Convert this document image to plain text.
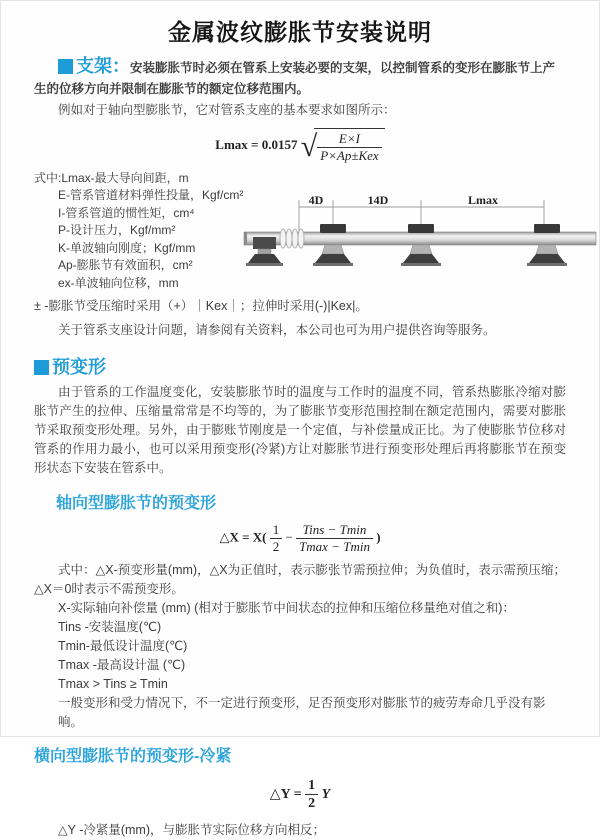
金属波纹膨胀节安装说明

支架：安装膨胀节时必须在管系上安装必要的支架，以控制管系的变形在膨胀节上产生的位移方向并限制在膨胀节的额定位移范围内。

例如对于轴向型膨胀节，它对管系支座的基本要求如图所示：

Lmax = 0.0157 √ $\frac{E\times I}{\text{P×Ap±Kex}}$
式中:Lmax-最大导向间距，m
E-管系管道材料弹性投量，Kgf/cm²
I-管系管道的惯性矩，cm⁴
P-设计压力，Kgf/mm²
K-单波轴向刚度；Kgf/mm
Ap-膨胀节有效面积，cm²
ex-单波轴向位移，mm

± -膨胀节受压缩时采用（+）｜Kex｜；拉伸时采用(-)|Kex|。

关于管系支座设计问题，请参阅有关资料，本公司也可为用户提供咨询等服务。

预变形

由于管系的工作温度变化，安装膨胀节时的温度与工作时的温度不同，管系热膨胀冷缩对膨胀节产生的拉伸、压缩量常常是不均等的，为了膨胀节变形范围控制在额定范围内，需要对膨胀节采取预变形处理。另外，由于膨账节刚度是一个定值，与补偿量成正比。为了使膨胀节位移对管系的作用力最小，也可以采用预变形(冷紧)方让对膨胀节进行预变形处理后再将膨胀节在预变形状态下安装在管系中。

轴向型膨胀节的预变形
△X = $X( \frac{1}{2} - \frac{\text{Tins − Tmin}}{Tmax - Tmin}$ )

式中：△X-预变形量(mm)，△X为正值时，表示膨张节需预拉伸；为负值时，表示需预压缩；△X＝0时表示不需预变形。

X-实际轴向补偿量 (mm) (相对于膨胀节中间状态的拉伸和压缩位移量绝对值之和)：
Tins -安装温度(℃)
Tmin-最低设计温度(℃)
Tmax -最高设计温 (℃)
Tmax > Tins ≥ Tmin
一般变形和受力情况下，不一定进行预变形，足否预变形对膨胀节的疲劳寿命几乎没有影响。
横向型膨胀节的预变形-冷紧
△Y = $\frac{1}{2}$ Y

△Y -冷紧量(mm)，与膨胀节实际位移方向相反；

4D	14D	Lmax
